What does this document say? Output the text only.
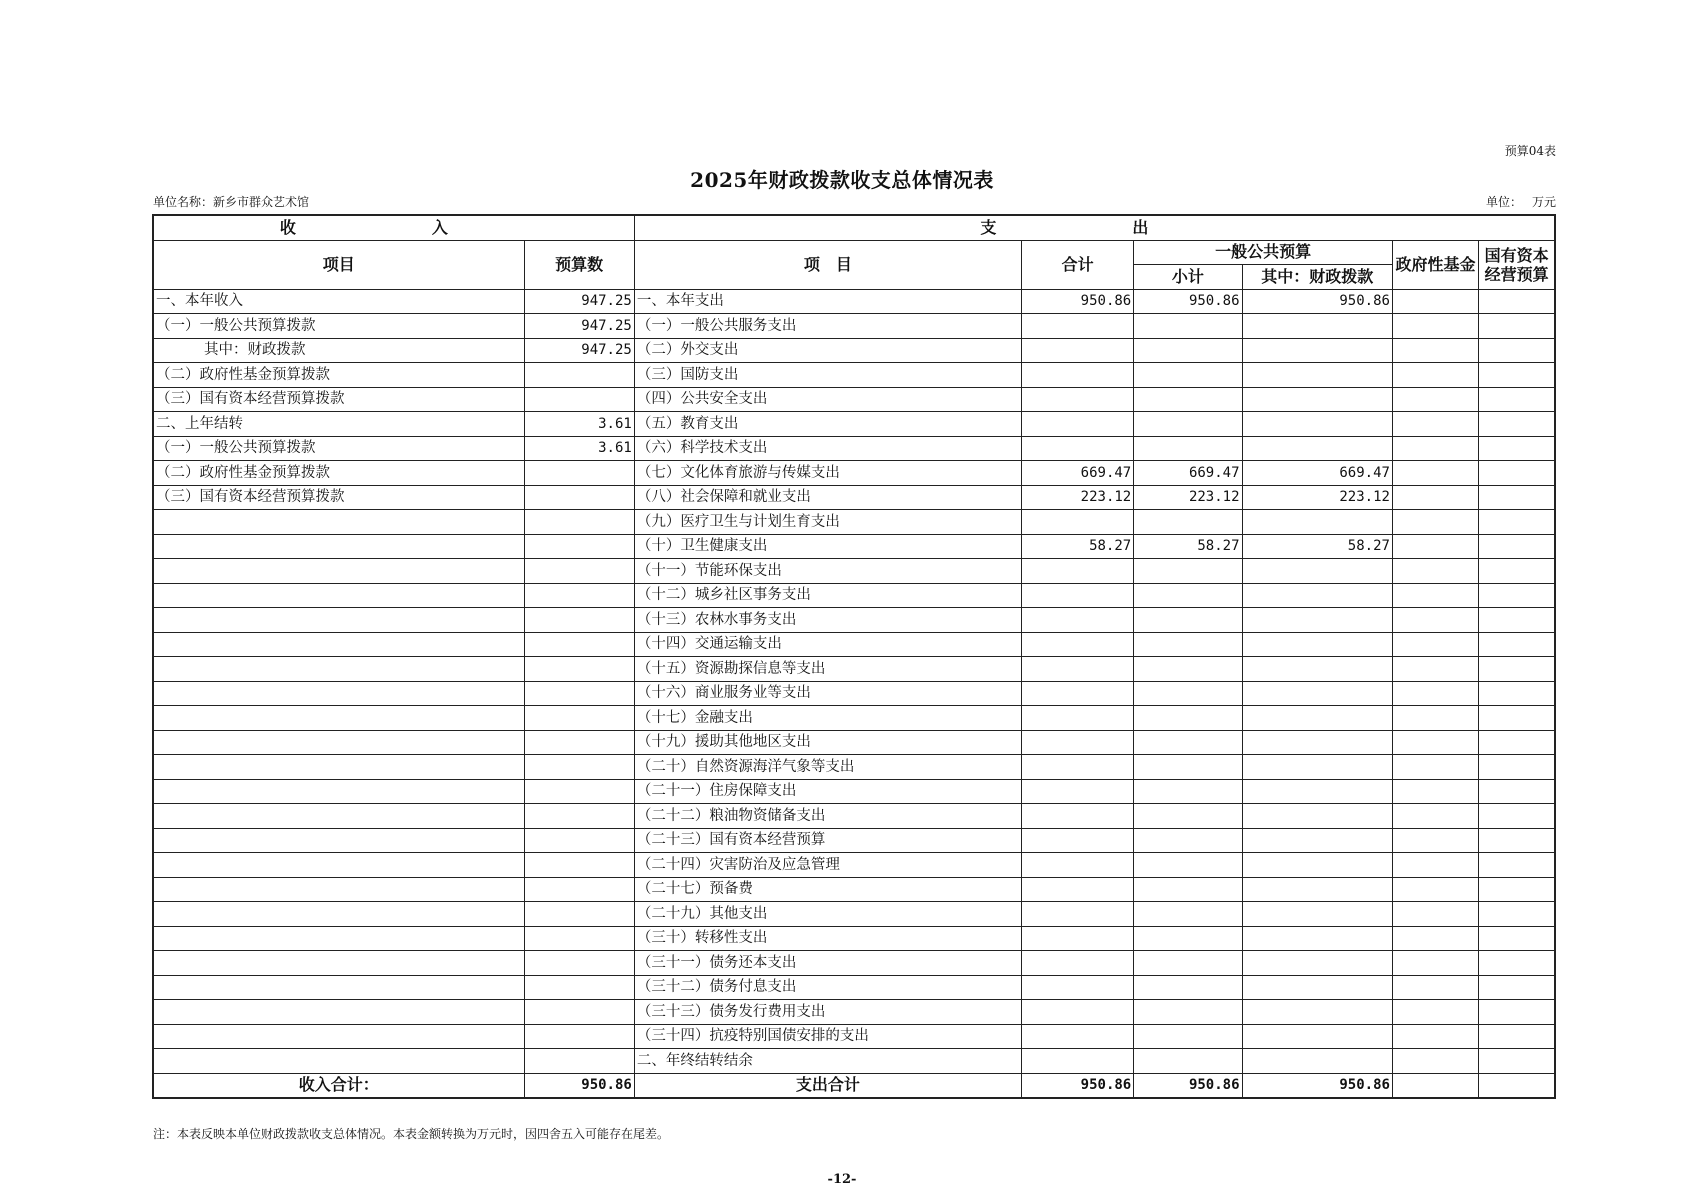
预算04表
2025年财政拨款收支总体情况表
单位名称：新乡市群众艺术馆	单位： 万元
收　入		支　出					
项目	预算数	项　目	合计	一般公共预算		政府性基金	国有资本经营预算
				小计	其中：财政拨款		
一、本年收入	947.25	一、本年支出	950.86	950.86	950.86		
（一）一般公共预算拨款	947.25	（一）一般公共服务支出					
其中：财政拨款	947.25	（二）外交支出					
（二）政府性基金预算拨款		（三）国防支出					
（三）国有资本经营预算拨款		（四）公共安全支出					
二、上年结转	3.61	（五）教育支出					
（一）一般公共预算拨款	3.61	（六）科学技术支出					
（二）政府性基金预算拨款		（七）文化体育旅游与传媒支出	669.47	669.47	669.47		
（三）国有资本经营预算拨款		（八）社会保障和就业支出	223.12	223.12	223.12		
		（九）医疗卫生与计划生育支出					
		（十）卫生健康支出	58.27	58.27	58.27		
		（十一）节能环保支出					
		（十二）城乡社区事务支出					
		（十三）农林水事务支出					
		（十四）交通运输支出					
		（十五）资源勘探信息等支出					
		（十六）商业服务业等支出					
		（十七）金融支出					
		（十九）援助其他地区支出					
		（二十）自然资源海洋气象等支出					
		（二十一）住房保障支出					
		（二十二）粮油物资储备支出					
		（二十三）国有资本经营预算					
		（二十四）灾害防治及应急管理					
		（二十七）预备费					
		（二十九）其他支出					
		（三十）转移性支出					
		（三十一）债务还本支出					
		（三十二）债务付息支出					
		（三十三）债务发行费用支出					
		（三十四）抗疫特别国债安排的支出					
		二、年终结转结余					
收入合计：	950.86	支出合计	950.86	950.86	950.86		
注：本表反映本单位财政拨款收支总体情况。本表金额转换为万元时，因四舍五入可能存在尾差。
-12-
